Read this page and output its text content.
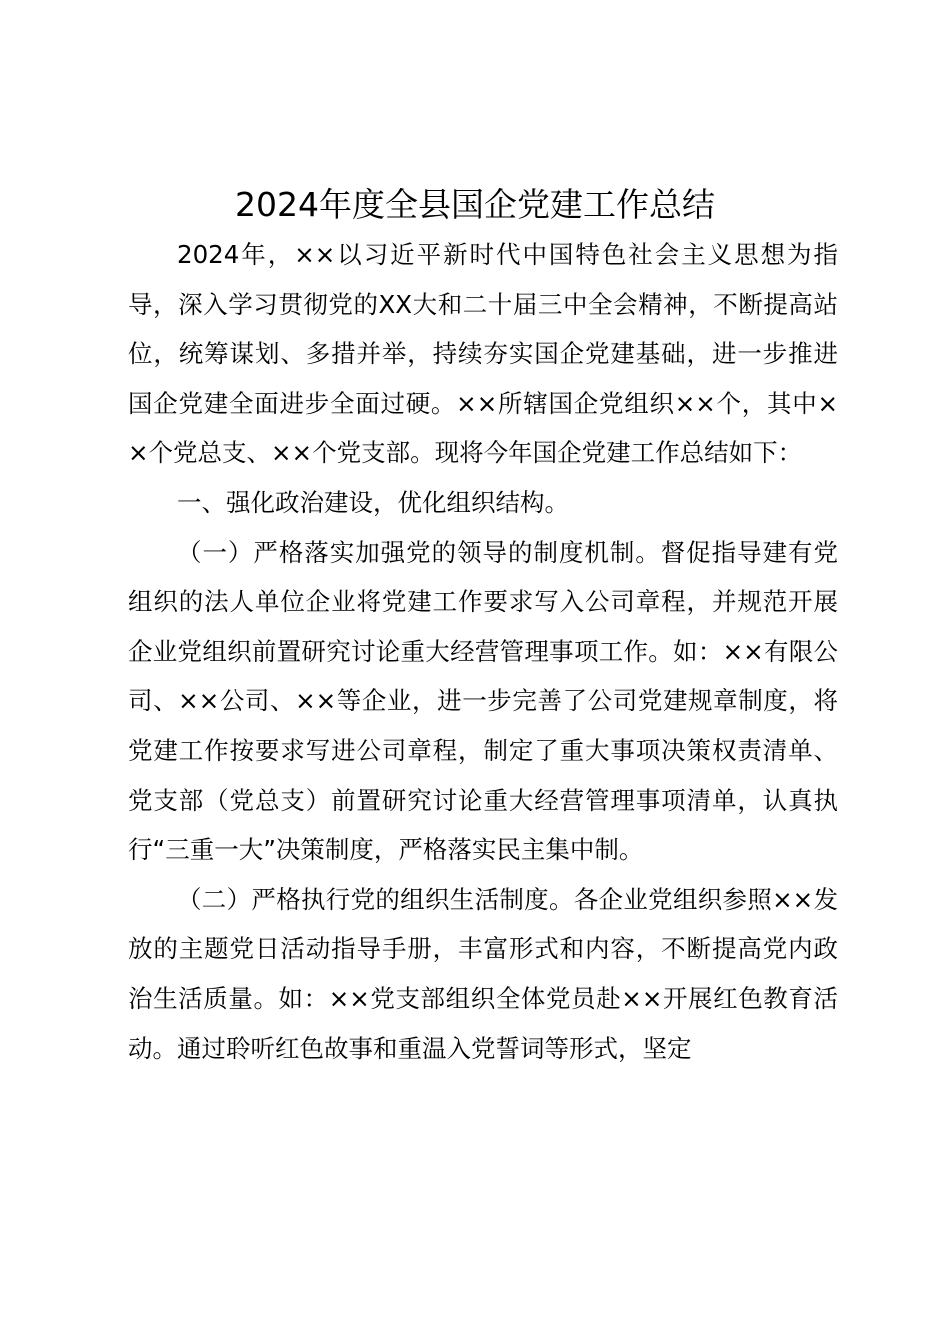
2024年度全县国企党建工作总结

2024年，××以习近平新时代中国特色社会主义思想为指导，深入学习贯彻党的XX大和二十届三中全会精神，不断提高站位，统筹谋划、多措并举，持续夯实国企党建基础，进一步推进国企党建全面进步全面过硬。××所辖国企党组织××个，其中××个党总支、××个党支部。现将今年国企党建工作总结如下：

一、强化政治建设，优化组织结构。

（一）严格落实加强党的领导的制度机制。督促指导建有党组织的法人单位企业将党建工作要求写入公司章程，并规范开展企业党组织前置研究讨论重大经营管理事项工作。如：××有限公司、××公司、××等企业，进一步完善了公司党建规章制度，将党建工作按要求写进公司章程，制定了重大事项决策权责清单、党支部（党总支）前置研究讨论重大经营管理事项清单，认真执行“三重一大”决策制度，严格落实民主集中制。

（二）严格执行党的组织生活制度。各企业党组织参照××发放的主题党日活动指导手册，丰富形式和内容，不断提高党内政治生活质量。如：××党支部组织全体党员赴××开展红色教育活动。通过聆听红色故事和重温入党誓词等形式，坚定
